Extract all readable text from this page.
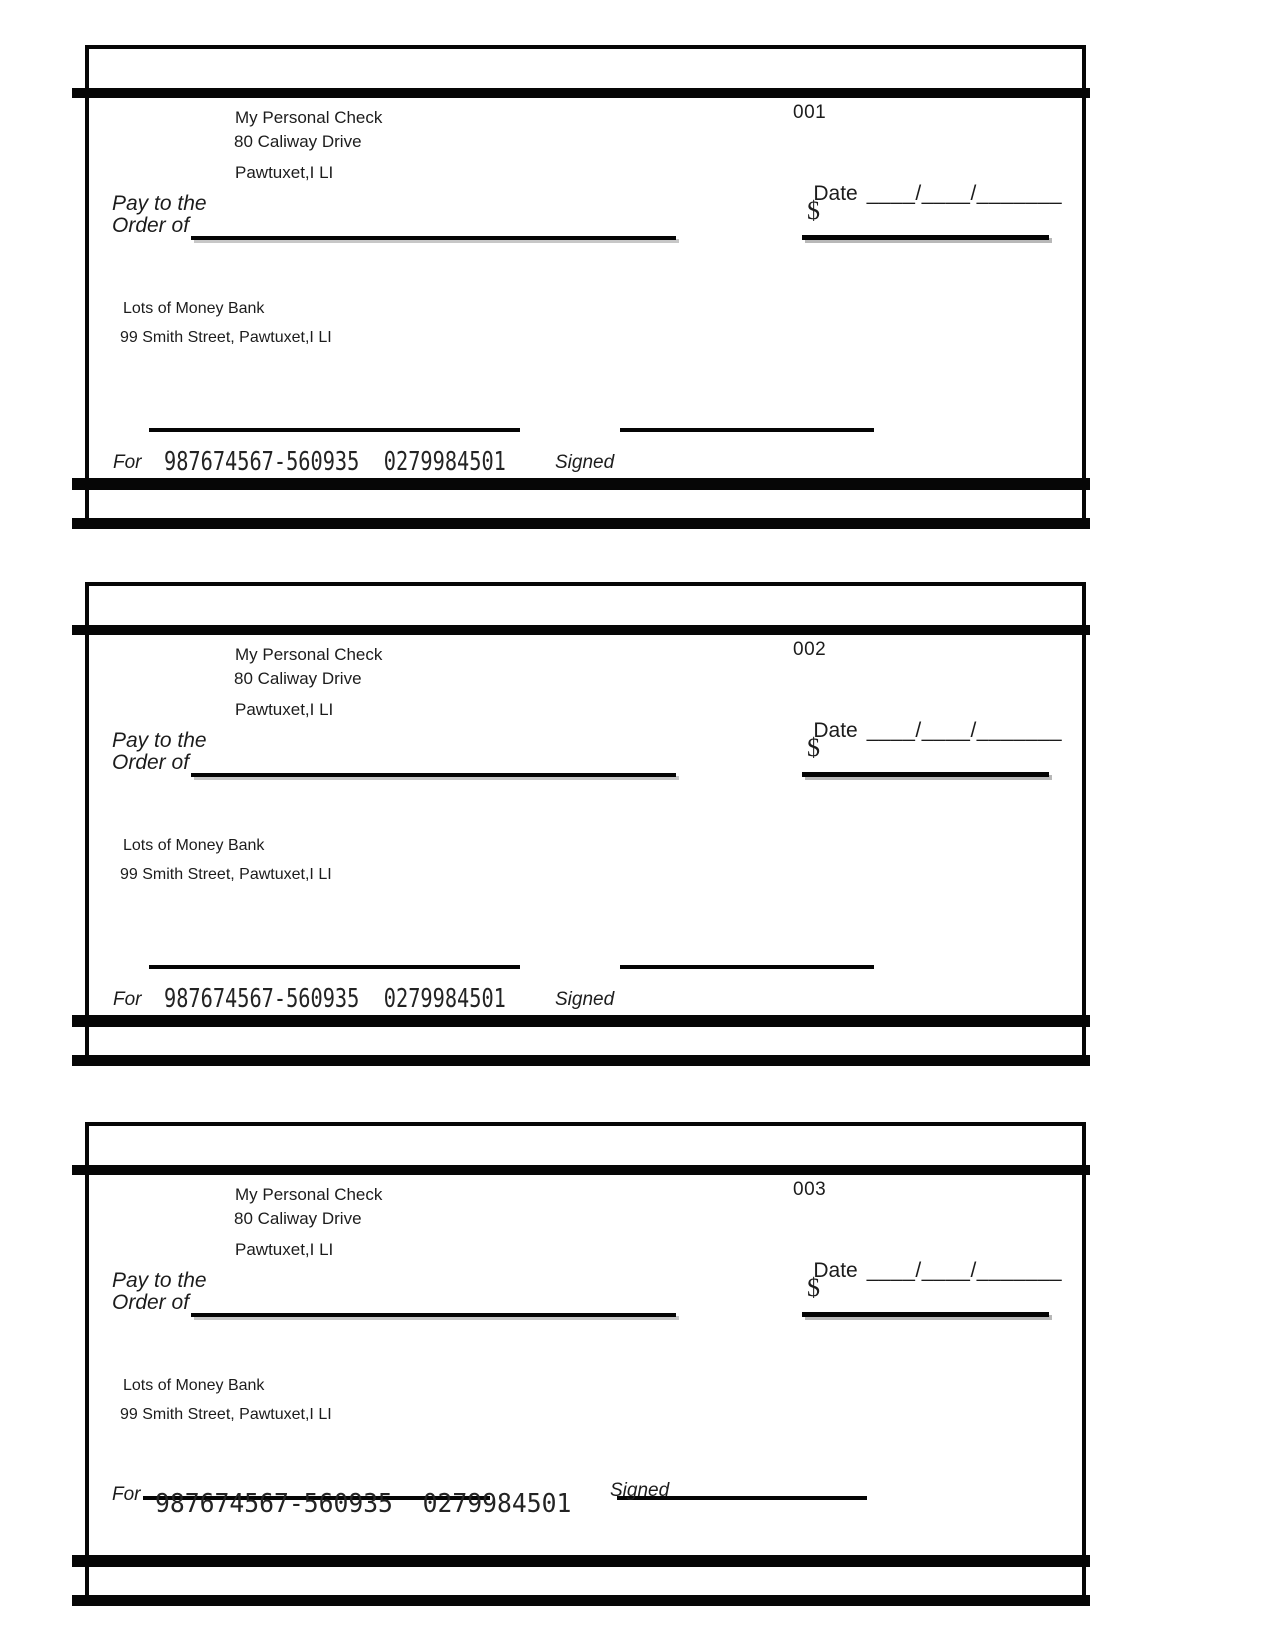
My Personal Check
80 Caliway Drive
Pawtuxet,I LI
001

Date ____/____/_______

Pay to the
Order of
$
Lots of Money Bank
99 Smith Street, Pawtuxet,I LI
For 987674567-560935  0279984501	Signed
My Personal Check
80 Caliway Drive
Pawtuxet,I LI
002

Date ____/____/_______

Pay to the
Order of
$
Lots of Money Bank
99 Smith Street, Pawtuxet,I LI
For 987674567-560935  0279984501	Signed
My Personal Check
80 Caliway Drive
Pawtuxet,I LI
003

Date ____/____/_______

Pay to the
Order of
$
Lots of Money Bank
99 Smith Street, Pawtuxet,I LI
For 987674567-560935  0279984501 Signed
